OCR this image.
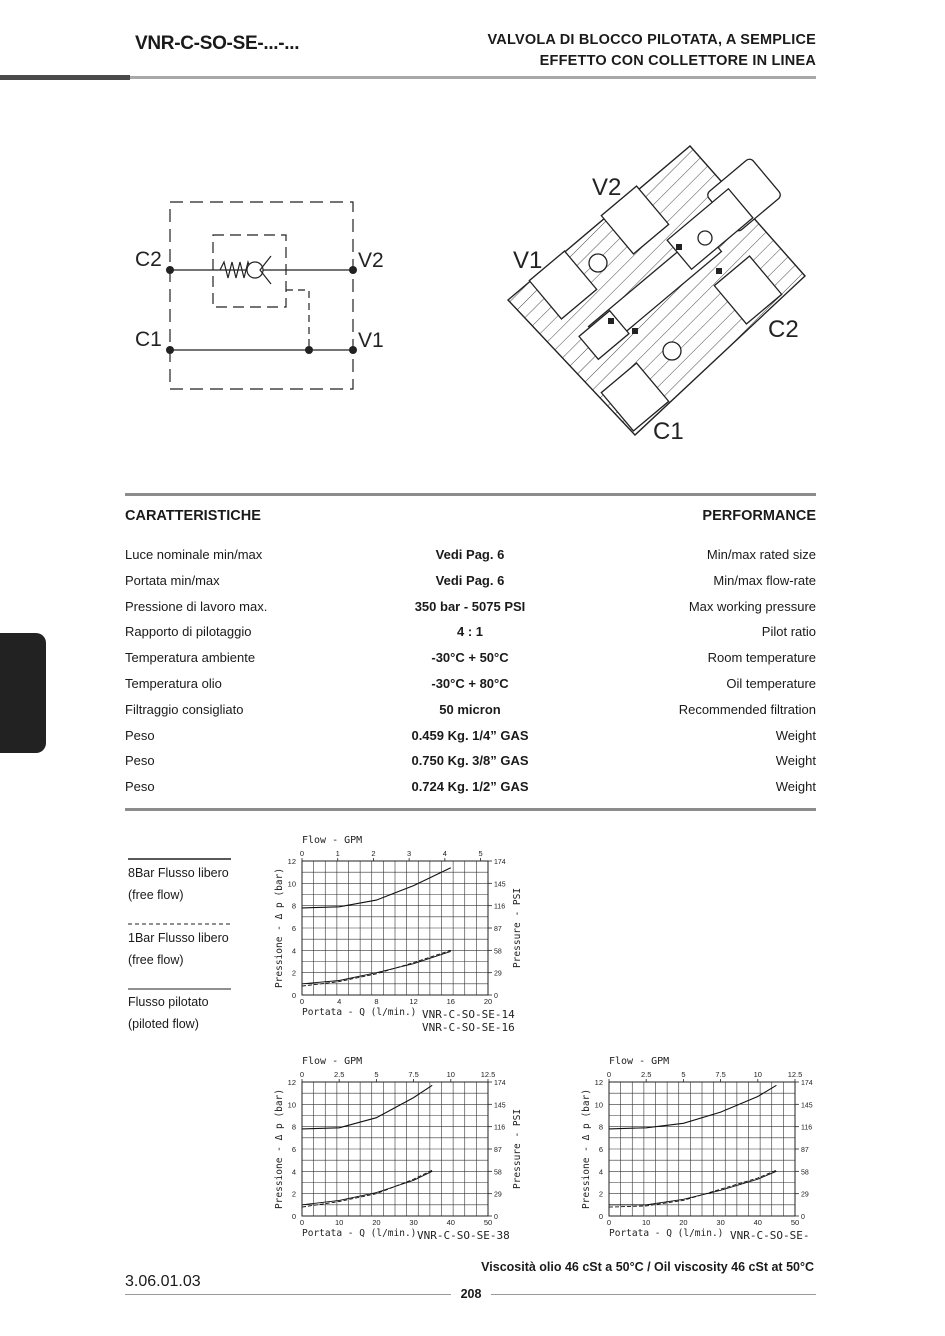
VNR-C-SO-SE-...-...	VALVOLA DI BLOCCO PILOTATA, A SEMPLICE
EFFETTO CON COLLETTORE IN LINEA
C2	V2
C1	V1
V2
V1
C2
C1
CARATTERISTICHE	PERFORMANCE
Luce nominale min/max	Vedi Pag. 6	Min/max rated size
Portata min/max	Vedi Pag. 6	Min/max flow-rate
Pressione di lavoro max.	350 bar - 5075 PSI	Max working pressure
Rapporto di pilotaggio	4 : 1	Pilot ratio
Temperatura ambiente	-30°C + 50°C	Room temperature
Temperatura olio	-30°C + 80°C	Oil temperature
Filtraggio consigliato	50 micron	Recommended filtration
Peso	0.459 Kg. 1/4” GAS	Weight
Peso	0.750 Kg. 3/8” GAS	Weight
Peso	0.724 Kg. 1/2” GAS	Weight
8Bar Flusso libero
(free flow)
1Bar Flusso libero
(free flow)
Flusso pilotato
(piloted flow)
Flow - GPM
0	1	2	3	4	5
0
2
4
6
8
10
12
0
29
58
87
116
145
174
0	4	8	12	16	20
Pressione - Δ p (bar)	Pressure - PSI
Portata - Q (l/min.) VNR-C-SO-SE-14
VNR-C-SO-SE-16
Flow - GPM
0	2.5	5	7.5	10	12.5
0
2
4
6
8
10
12
0
29
58
87
116
145
174
0	10	20	30	40	50
Pressione - Δ p (bar)	Pressure - PSI
Portata - Q (l/min.) VNR-C-SO-SE-38
Flow - GPM
0	2.5	5	7.5	10	12.5
0
2
4
6
8
10
12
0
29
58
87
116
145
174
0	10	20	30	40	50
Pressione - Δ p (bar)
Portata - Q (l/min.) VNR-C-SO-SE-
Viscosità olio 46 cSt a 50°C / Oil viscosity 46 cSt at 50°C
3.06.01.03
208
